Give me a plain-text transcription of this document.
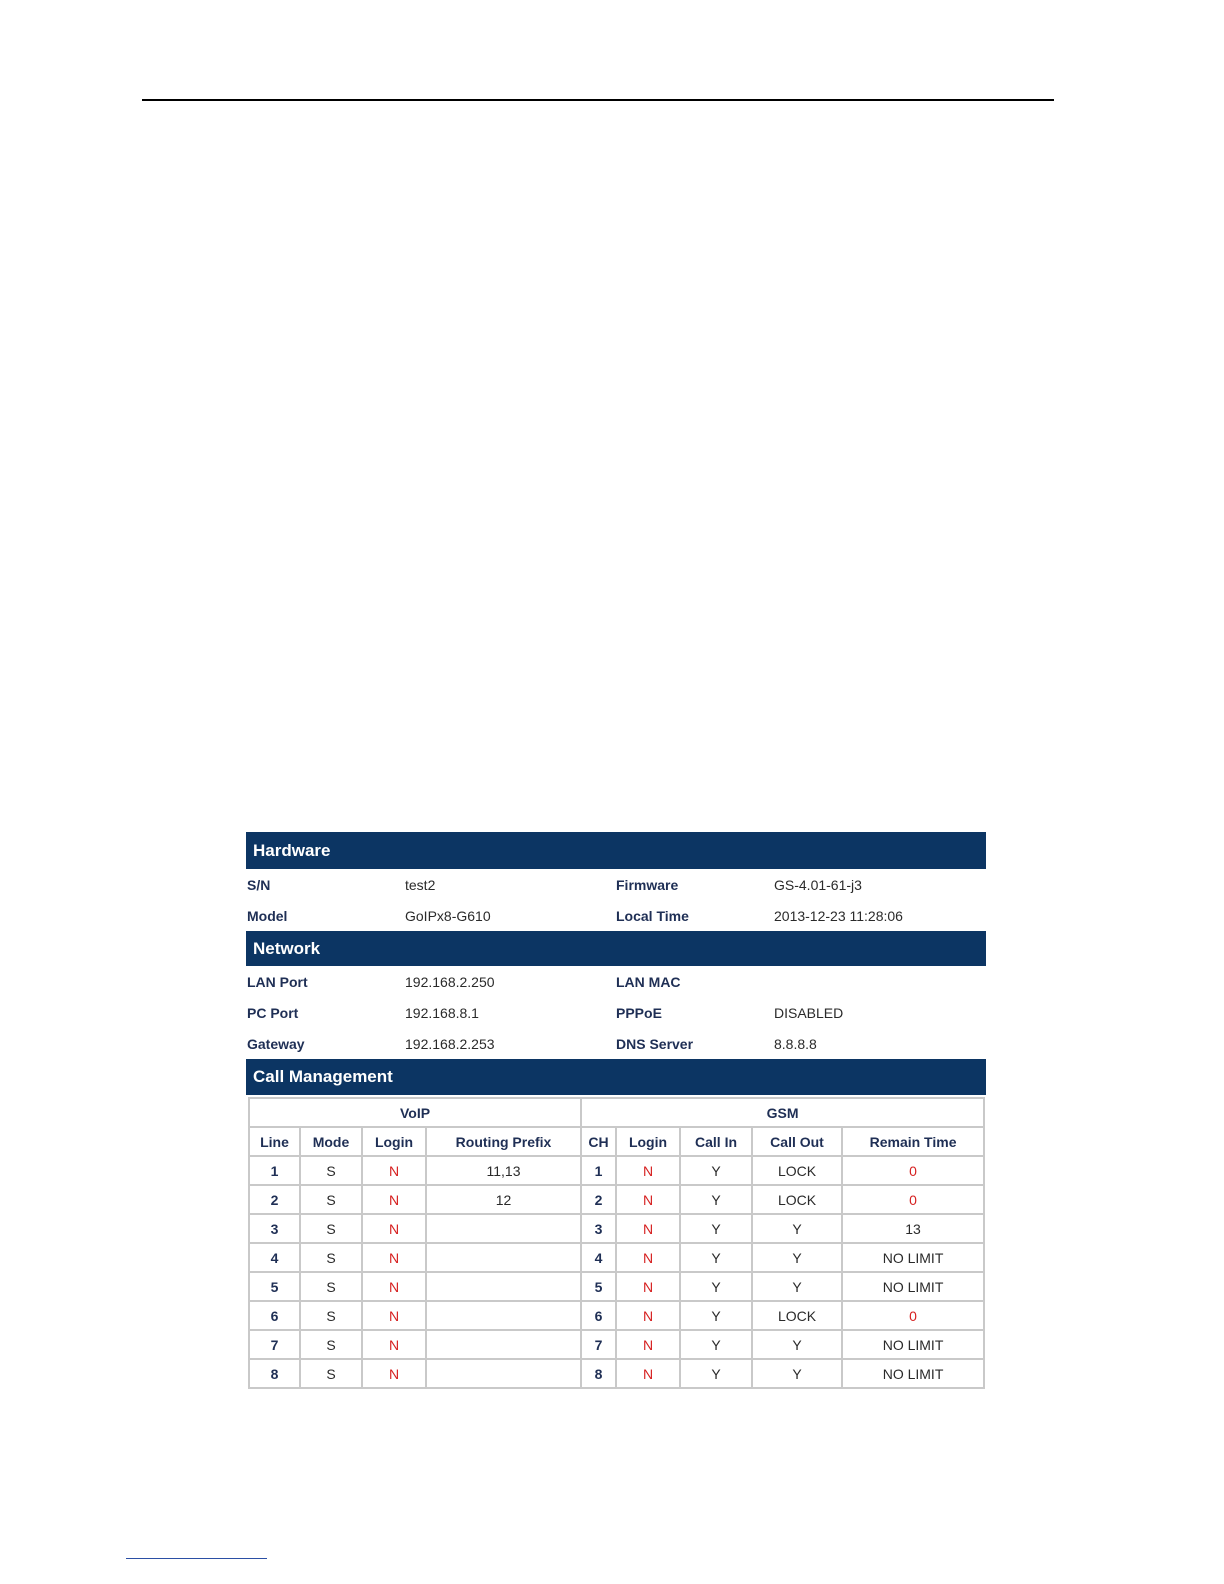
Hardware
S/N	test2	Firmware	GS-4.01-61-j3
Model	GoIPx8-G610	Local Time	2013-12-23 11:28:06
Network
LAN Port	192.168.2.250	LAN MAC
PC Port	192.168.8.1	PPPoE	DISABLED
Gateway	192.168.2.253	DNS Server	8.8.8.8
Call Management
VoIP				GSM				
Line	Mode	Login	Routing Prefix	CH	Login	Call In	Call Out	Remain Time
1	S	N	11,13	1	N	Y	LOCK	0
2	S	N	12	2	N	Y	LOCK	0
3	S	N		3	N	Y	Y	13
4	S	N		4	N	Y	Y	NO LIMIT
5	S	N		5	N	Y	Y	NO LIMIT
6	S	N		6	N	Y	LOCK	0
7	S	N		7	N	Y	Y	NO LIMIT
8	S	N		8	N	Y	Y	NO LIMIT
